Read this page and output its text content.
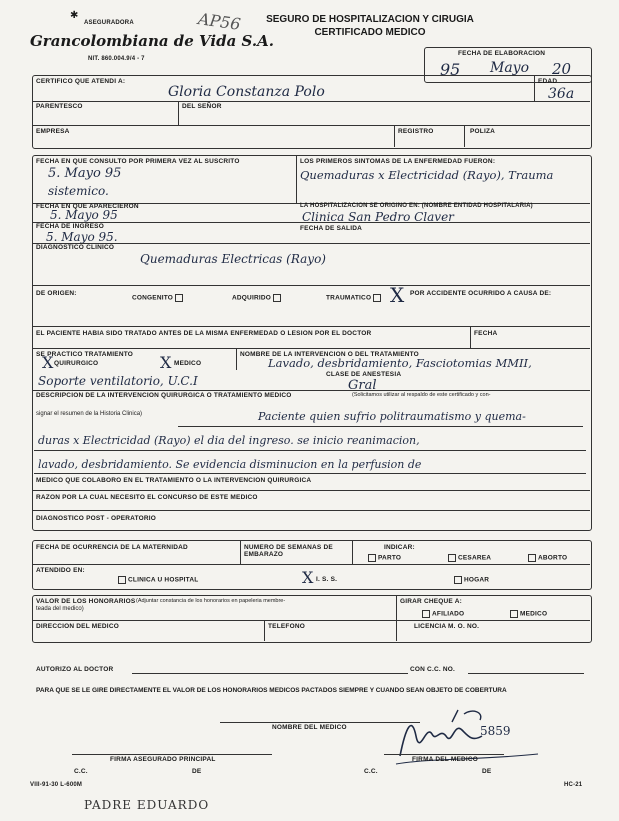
✱
ASEGURADORA
Grancolombiana de Vida S.A.
NIT. 860.004.9/4 - 7
AP56	SEGURO DE HOSPITALIZACION Y CIRUGIA
CERTIFICADO MEDICO
FECHA DE ELABORACION
95 Mayo 20
CERTIFICO QUE ATENDI A:
Gloria Constanza Polo
EDAD
36a
PARENTESCO	DEL SEÑOR
EMPRESA	REGISTRO	POLIZA
FECHA EN QUE CONSULTO POR PRIMERA VEZ AL SUSCRITO
5. Mayo 95
LOS PRIMEROS SINTOMAS DE LA ENFERMEDAD FUERON:
Quemaduras x Electricidad (Rayo), Trauma
sistemico.
FECHA EN QUE APARECIERON
5. Mayo 95
LA HOSPITALIZACION SE ORIGINO EN: (NOMBRE ENTIDAD HOSPITALARIA)
Clinica San Pedro Claver
FECHA DE INGRESO
5. Mayo 95.
FECHA DE SALIDA
DIAGNOSTICO CLINICO
Quemaduras Electricas (Rayo)
DE ORIGEN:
CONGENITO	ADQUIRIDO	TRAUMATICO X POR ACCIDENTE OCURRIDO A CAUSA DE:
EL PACIENTE HABIA SIDO TRATADO ANTES DE LA MISMA ENFERMEDAD O LESION POR EL DOCTOR	FECHA
SE PRACTICO TRATAMIENTO
X QUIRURGICO	X MEDICO
NOMBRE DE LA INTERVENCION O DEL TRATAMIENTO
Lavado, desbridamiento, Fasciotomias MMII,
Soporte ventilatorio, U.C.I	CLASE DE ANESTESIA
Gral
DESCRIPCION DE LA INTERVENCION QUIRURGICA O TRATAMIENTO MEDICO	(Solicitamos utilizar al respaldo de este certificado y con-
signar el resumen de la Historia Clinica)	Paciente quien sufrio politraumatismo y quema-
duras x Electricidad (Rayo) el dia del ingreso. se inicio reanimacion,
lavado, desbridamiento. Se evidencia disminucion en la perfusion de
MEDICO QUE COLABORO EN EL TRATAMIENTO O LA INTERVENCION QUIRURGICA
RAZON POR LA CUAL NECESITO EL CONCURSO DE ESTE MEDICO
DIAGNOSTICO POST - OPERATORIO
FECHA DE OCURRENCIA DE LA MATERNIDAD	NUMERO DE SEMANAS DE EMBARAZO
INDICAR:
PARTO	CESAREA	ABORTO
ATENDIDO EN:
CLINICA U HOSPITAL	X I. S. S.	HOGAR
VALOR DE LOS HONORARIOS (Adjuntar constancia de los honorarios en papeleria membre-
teada del medico)
GIRAR CHEQUE A:
AFILIADO	MEDICO
DIRECCION DEL MEDICO	TELEFONO	LICENCIA M. O. NO.
AUTORIZO AL DOCTOR	CON C.C. NO.
PARA QUE SE LE GIRE DIRECTAMENTE EL VALOR DE LOS HONORARIOS MEDICOS PACTADOS SIEMPRE Y CUANDO SEAN OBJETO DE COBERTURA
NOMBRE DEL MEDICO	5859
FIRMA ASEGURADO PRINCIPAL	FIRMA DEL MEDICO
C.C.	DE	C.C.	DE
VIII-91-30 L-600M	HC-21
PADRE EDUARDO
